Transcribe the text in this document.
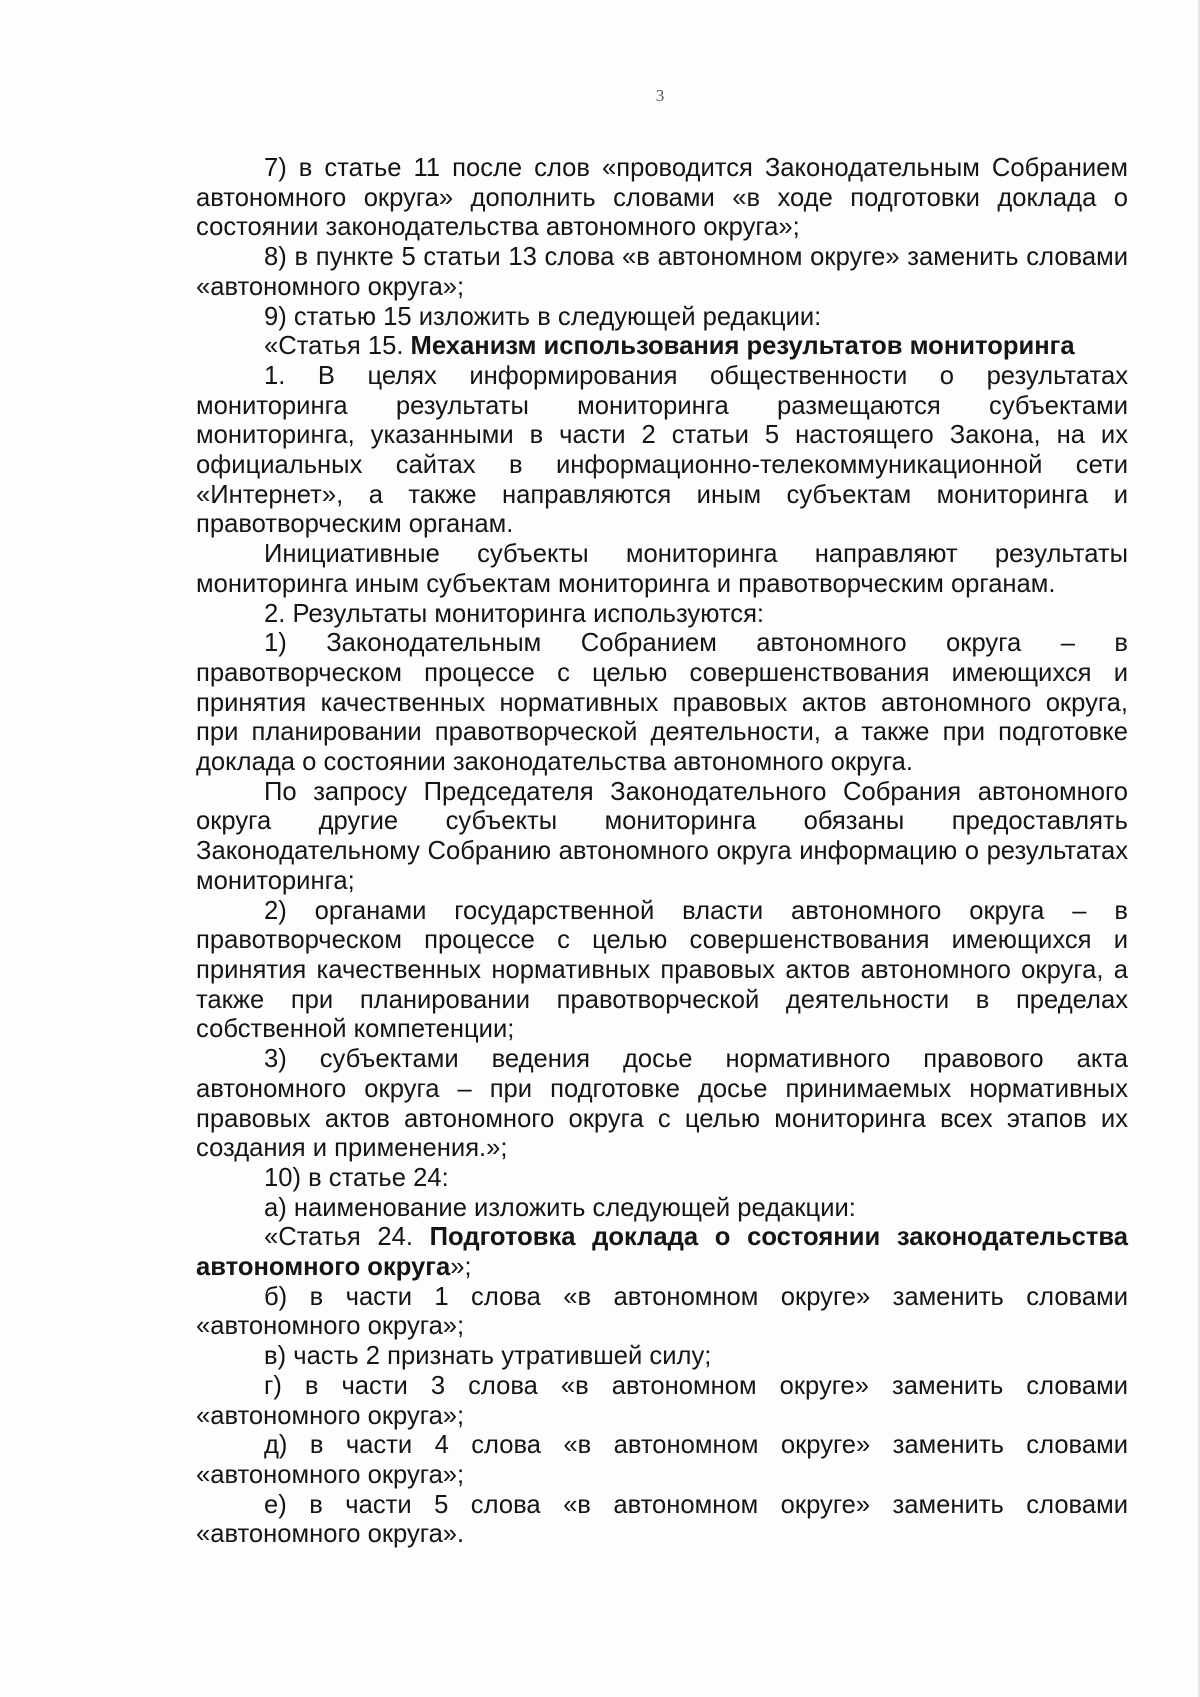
3

7) в статье 11 после слов «проводится Законодательным Собранием автономного округа» дополнить словами «в ходе подготовки доклада о состоянии законодательства автономного округа»;

8) в пункте 5 статьи 13 слова «в автономном округе» заменить словами «автономного округа»;

9) статью 15 изложить в следующей редакции:

«Статья 15. Механизм использования результатов мониторинга

1. В целях информирования общественности о результатах мониторинга результаты мониторинга размещаются субъектами мониторинга, указанными в части 2 статьи 5 настоящего Закона, на их официальных сайтах в информационно-телекоммуникационной сети «Интернет», а также направляются иным субъектам мониторинга и правотворческим органам.

Инициативные субъекты мониторинга направляют результаты мониторинга иным субъектам мониторинга и правотворческим органам.

2. Результаты мониторинга используются:

1) Законодательным Собранием автономного округа – в правотворческом процессе с целью совершенствования имеющихся и принятия качественных нормативных правовых актов автономного округа, при планировании правотворческой деятельности, а также при подготовке доклада о состоянии законодательства автономного округа.

По запросу Председателя Законодательного Собрания автономного округа другие субъекты мониторинга обязаны предоставлять Законодательному Собранию автономного округа информацию о результатах мониторинга;

2) органами государственной власти автономного округа – в правотворческом процессе с целью совершенствования имеющихся и принятия качественных нормативных правовых актов автономного округа, а также при планировании правотворческой деятельности в пределах собственной компетенции;

3) субъектами ведения досье нормативного правового акта автономного округа – при подготовке досье принимаемых нормативных правовых актов автономного округа с целью мониторинга всех этапов их создания и применения.»;

10) в статье 24:

а) наименование изложить следующей редакции:

«Статья 24. Подготовка доклада о состоянии законодательства автономного округа»;

б) в части 1 слова «в автономном округе» заменить словами «автономного округа»;

в) часть 2 признать утратившей силу;

г) в части 3 слова «в автономном округе» заменить словами «автономного округа»;

д) в части 4 слова «в автономном округе» заменить словами «автономного округа»;

е) в части 5 слова «в автономном округе» заменить словами «автономного округа».
